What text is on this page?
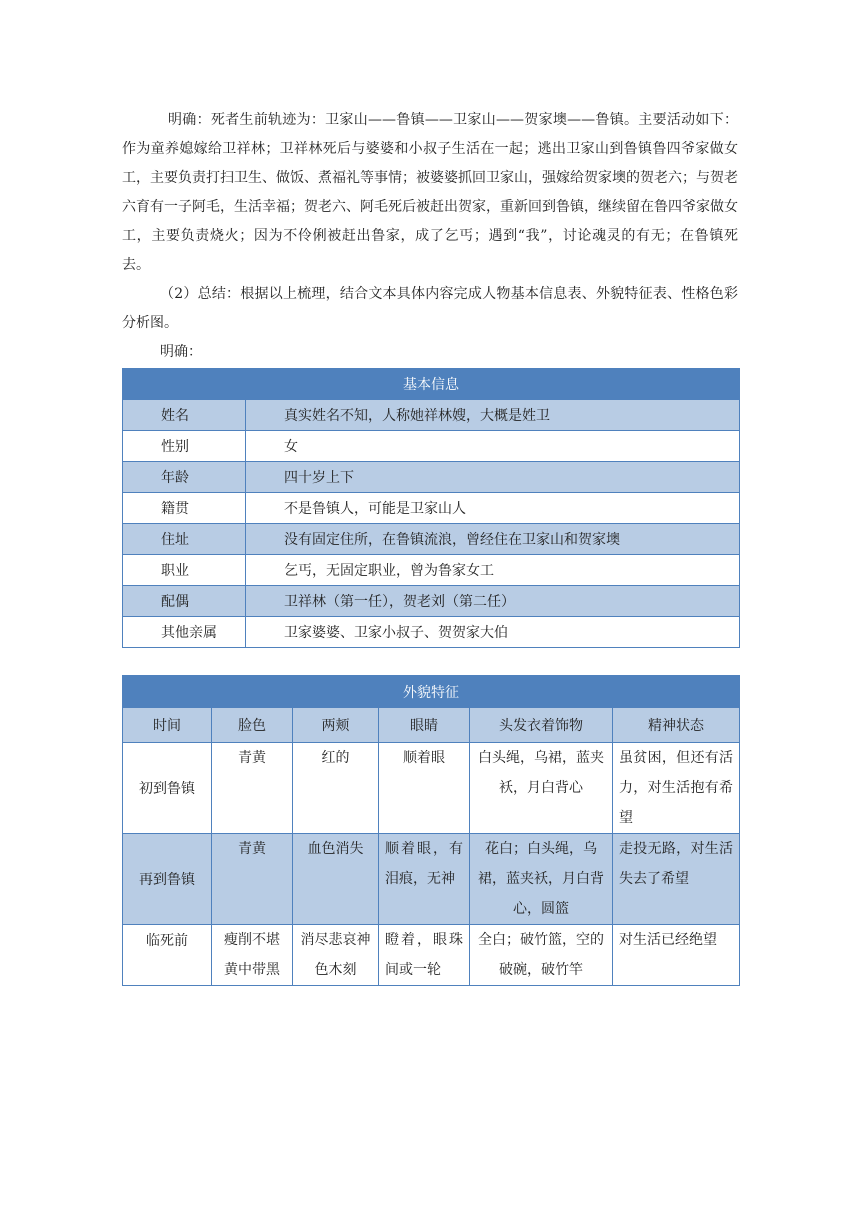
明确：死者生前轨迹为：卫家山——鲁镇——卫家山——贺家墺——鲁镇。主要活动如下：作为童养媳嫁给卫祥林；卫祥林死后与婆婆和小叔子生活在一起；逃出卫家山到鲁镇鲁四爷家做女工，主要负责打扫卫生、做饭、煮福礼等事情；被婆婆抓回卫家山，强嫁给贺家墺的贺老六；与贺老六育有一子阿毛，生活幸福；贺老六、阿毛死后被赶出贺家，重新回到鲁镇，继续留在鲁四爷家做女工，主要负责烧火；因为不伶俐被赶出鲁家，成了乞丐；遇到“我”，讨论魂灵的有无；在鲁镇死去。

（2）总结：根据以上梳理，结合文本具体内容完成人物基本信息表、外貌特征表、性格色彩分析图。

明确：

基本信息	
姓名	真实姓名不知，人称她祥林嫂，大概是姓卫
性别	女
年龄	四十岁上下
籍贯	不是鲁镇人，可能是卫家山人
住址	没有固定住所，在鲁镇流浪，曾经住在卫家山和贺家墺
职业	乞丐，无固定职业，曾为鲁家女工
配偶	卫祥林（第一任），贺老刘（第二任）
其他亲属	卫家婆婆、卫家小叔子、贺贺家大伯
外貌特征					
时间	脸色	两颊	眼睛	头发衣着饰物	精神状态
初到鲁镇	青黄	红的	顺着眼	白头绳，乌裙，蓝夹袄，月白背心	虽贫困，但还有活力，对生活抱有希望
再到鲁镇	青黄	血色消失	顺着眼，有泪痕，无神	花白；白头绳，乌裙，蓝夹袄，月白背心，圆篮	走投无路，对生活失去了希望
临死前	瘦削不堪黄中带黑	消尽悲哀神色木刻	瞪着，眼珠间或一轮	全白；破竹篮，空的破碗，破竹竿	对生活已经绝望
